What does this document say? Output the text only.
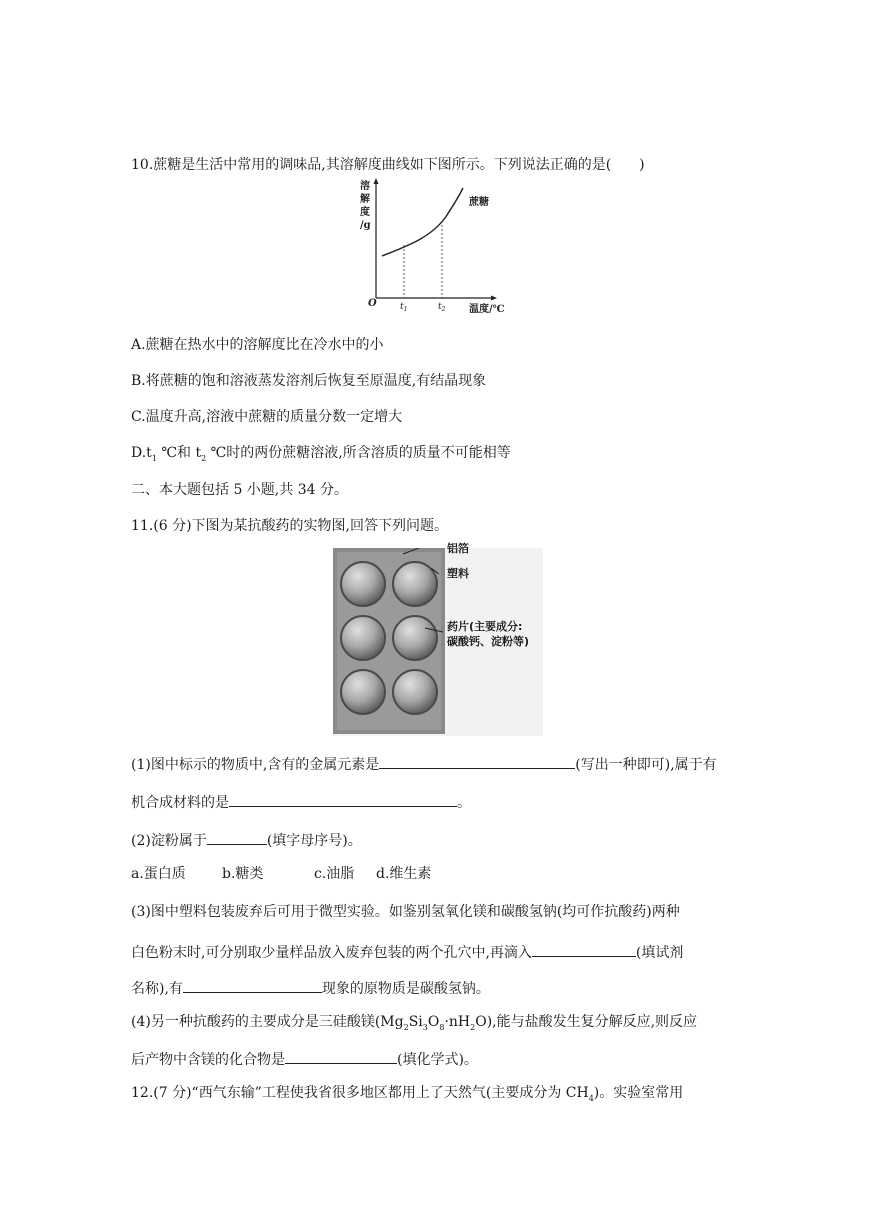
10.蔗糖是生活中常用的调味品,其溶解度曲线如下图所示。下列说法正确的是(　　)
溶
解
度
/g
蔗糖
O	$t_1$	$t_2$ 温度/℃
A.蔗糖在热水中的溶解度比在冷水中的小
B.将蔗糖的饱和溶液蒸发溶剂后恢复至原温度,有结晶现象
C.温度升高,溶液中蔗糖的质量分数一定增大
$D.t_1$ ℃和 $t_2$ ℃时的两份蔗糖溶液,所含溶质的质量不可能相等
二、本大题包括 5 小题,共 34 分。
11.(6 分)下图为某抗酸药的实物图,回答下列问题。
铝箔
塑料
药片(主要成分:
碳酸钙、淀粉等)
(1)图中标示的物质中,含有的金属元素是	(写出一种即可),属于有
机合成材料的是	。
(2)淀粉属于	(填字母序号)。
a.蛋白质	b.糖类	c.油脂 d.维生素
(3)图中塑料包装废弃后可用于微型实验。如鉴别氢氧化镁和碳酸氢钠(均可作抗酸药)两种
白色粉末时,可分别取少量样品放入废弃包装的两个孔穴中,再滴入	(填试剂
名称),有	现象的原物质是碳酸氢钠。
(4)另一种抗酸药的主要成分是三硅酸镁$(Mg_2Si_3O_8\cdot nH_2O)$,能与盐酸发生复分解反应,则反应
后产物中含镁的化合物是	(填化学式)。
12.(7 分)“西气东输”工程使我省很多地区都用上了天然气(主要成分为 $CH_4$)。实验室常用
